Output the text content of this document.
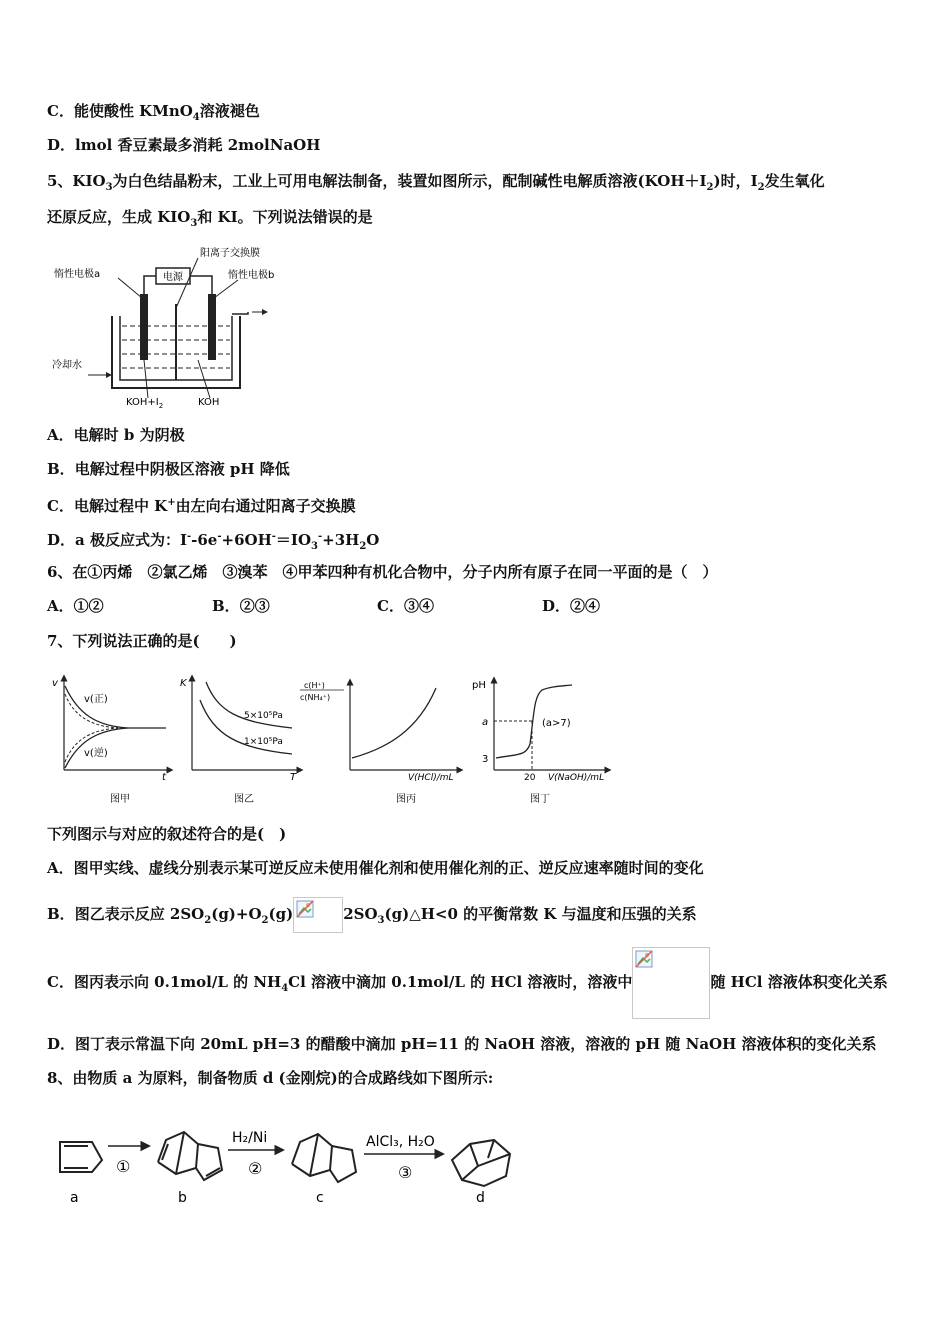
C．能使酸性 KMnO$_4$溶液褪色
D．lmol 香豆素最多消耗 2molNaOH
5、$KIO_3$为白色结晶粉末，工业上可用电解法制备，装置如图所示，配制碱性电解质溶液$(KOH+I_2)$时，$I_2$发生氧化
还原反应，生成 $KIO_3$和 KI。下列说法错误的是
电源
阳离子交换膜
惰性电极a	惰性电极b
冷却水
$KOH+I_2$	KOH
A．电解时 b 为阴极
B．电解过程中阴极区溶液 pH 降低
C．电解过程中 K+由左向右通过阳离子交换膜
D．a 极反应式为：$I^--6e^-+6OH^-=IO_3^-+3H_2O$
6、在①丙烯　②氯乙烯　③溴苯　④甲苯四种有机化合物中，分子内所有原子在同一平面的是（　）
A．①②	B．②③	C．③④	D．②④
7、下列说法正确的是(　　)
v
t
v(正)
v(逆)
图甲
K
T
5×10⁵Pa
1×10⁵Pa
图乙
c(H⁺)
c(NH₄⁺)
V(HCl)/mL
图丙
pH
a
3
(a>7)
20 V(NaOH)/mL
图丁
下列图示与对应的叙述符合的是(　)
A．图甲实线、虚线分别表示某可逆反应未使用催化剂和使用催化剂的正、逆反应速率随时间的变化
B．图乙表示反应 $2SO_2(g)+O_2(g)$	$2SO_3(g)\triangle H<0$ 的平衡常数 K 与温度和压强的关系
C．图丙表示向 0.1mol/L 的 $NH_4Cl$ 溶液中滴加 0.1mol/L 的 HCl 溶液时，溶液中	随 HCl 溶液体积变化关系
D．图丁表示常温下向 20mL pH=3 的醋酸中滴加 pH=11 的 NaOH 溶液，溶液的 pH 随 NaOH 溶液体积的变化关系
8、由物质 a 为原料，制备物质 d (金刚烷)的合成路线如下图所示:
a
①
b
H₂/Ni
②
c
AlCl₃, H₂O
③
d
